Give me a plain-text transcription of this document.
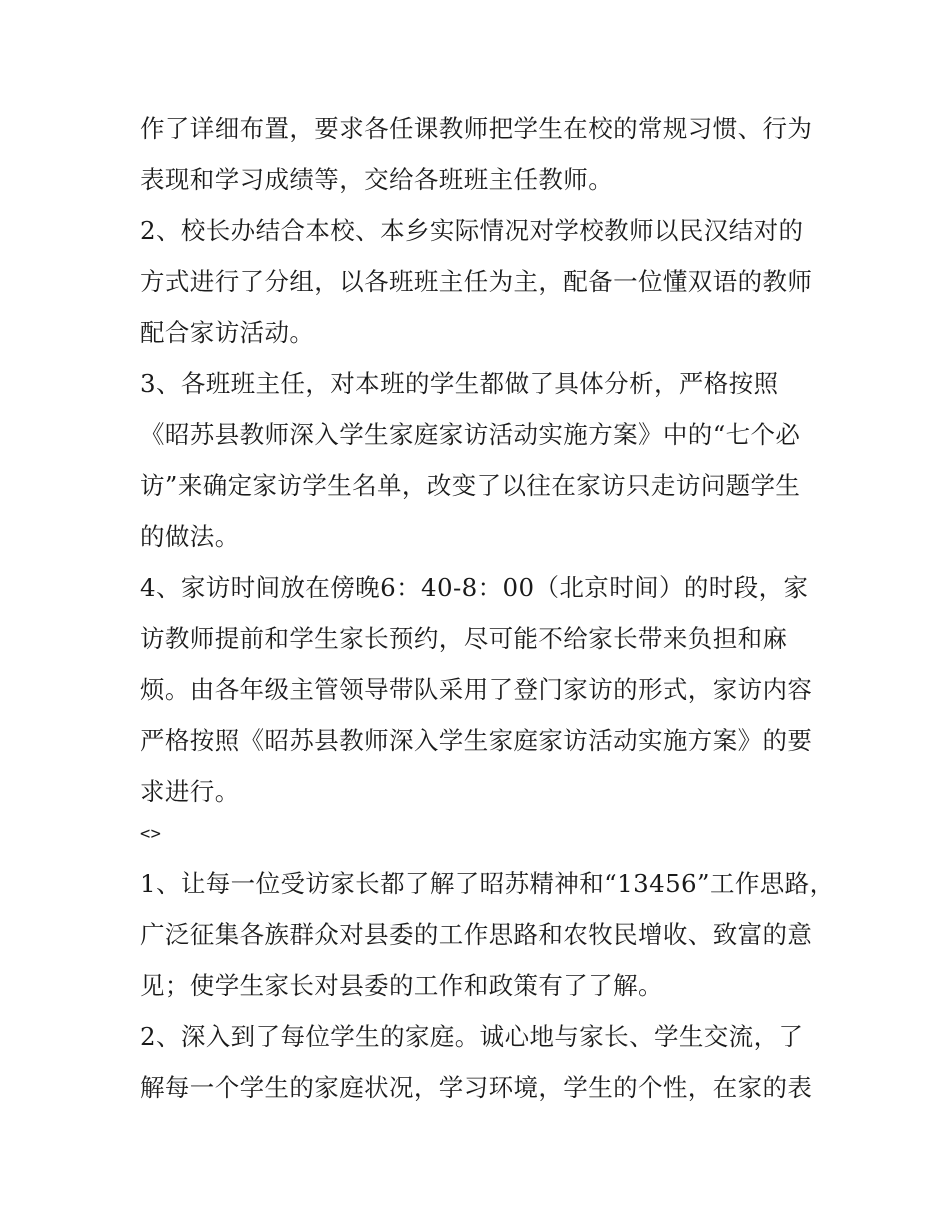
作了详细布置，要求各任课教师把学生在校的常规习惯、行为
表现和学习成绩等，交给各班班主任教师。
2、校长办结合本校、本乡实际情况对学校教师以民汉结对的
方式进行了分组，以各班班主任为主，配备一位懂双语的教师
配合家访活动。
3、各班班主任，对本班的学生都做了具体分析，严格按照
《昭苏县教师深入学生家庭家访活动实施方案》中的“七个必
访”来确定家访学生名单，改变了以往在家访只走访问题学生
的做法。
4、家访时间放在傍晚6：40-8：00（北京时间）的时段，家
访教师提前和学生家长预约，尽可能不给家长带来负担和麻
烦。由各年级主管领导带队采用了登门家访的形式，家访内容
严格按照《昭苏县教师深入学生家庭家访活动实施方案》的要
求进行。
<>
1、让每一位受访家长都了解了昭苏精神和“13456”工作思路，
广泛征集各族群众对县委的工作思路和农牧民增收、致富的意
见；使学生家长对县委的工作和政策有了了解。
2、深入到了每位学生的家庭。诚心地与家长、学生交流，了
解每一个学生的家庭状况，学习环境，学生的个性，在家的表
